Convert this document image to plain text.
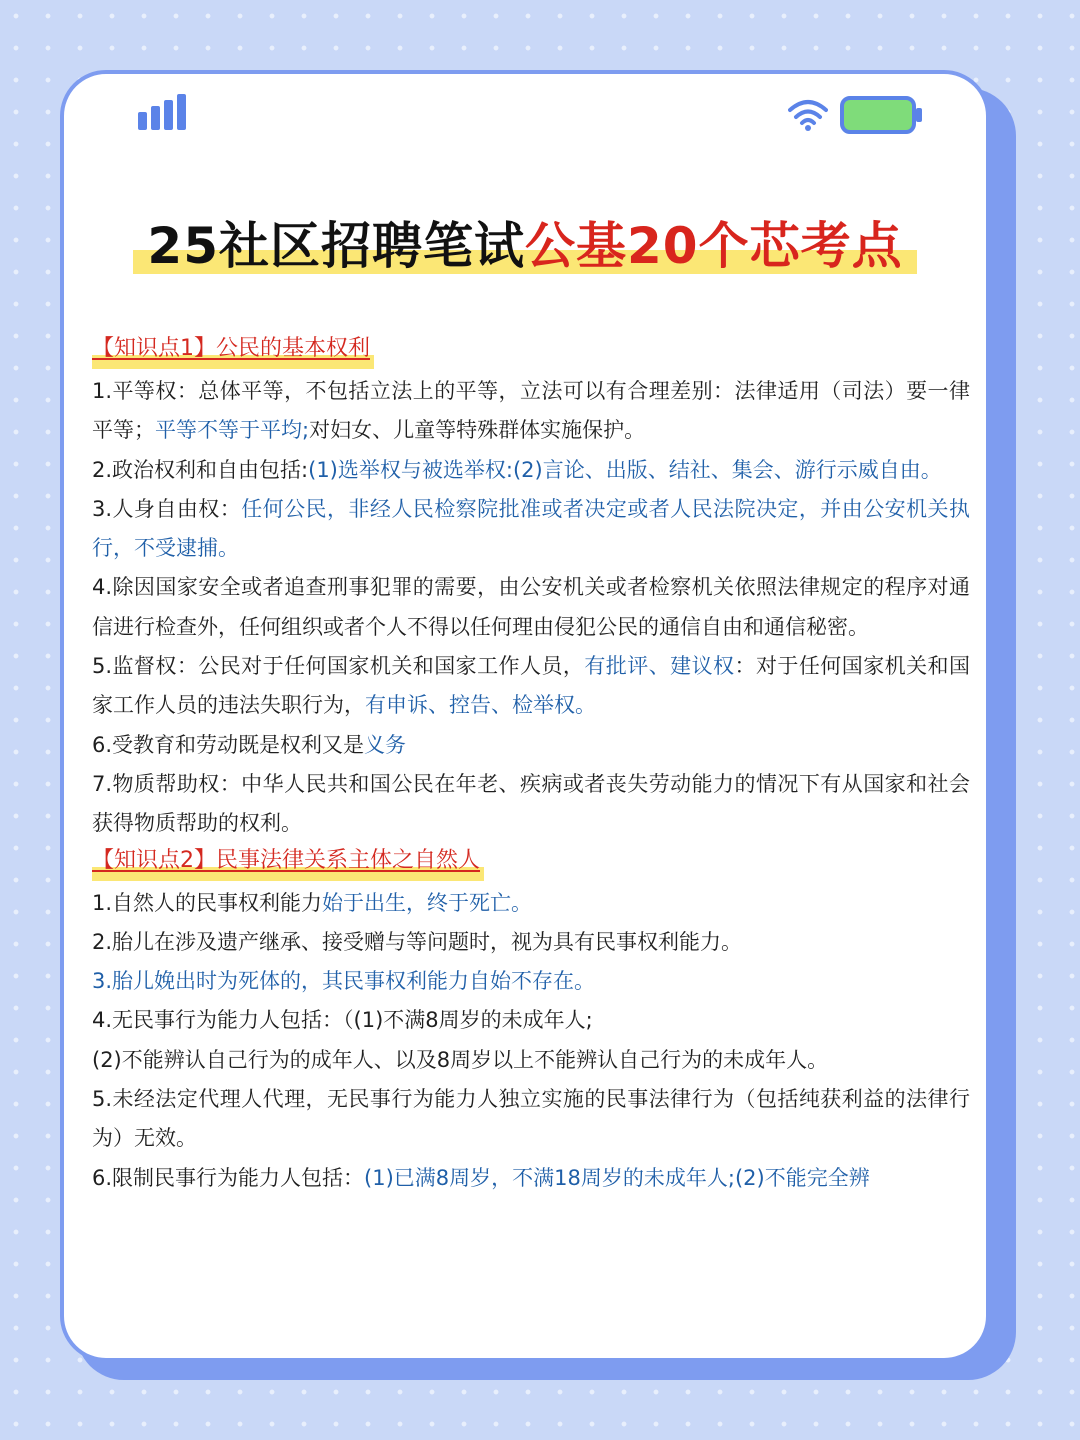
25社区招聘笔试公基20个芯考点
【知识点1】公民的基本权利

1.平等权：总体平等，不包括立法上的平等，立法可以有合理差别：法律适用（司法）要一律平等；平等不等于平均;对妇女、儿童等特殊群体实施保护。

2.政治权利和自由包括:(1)选举权与被选举权:(2)言论、出版、结社、集会、游行示威自由。

3.人身自由权：任何公民，非经人民检察院批准或者决定或者人民法院决定，并由公安机关执行，不受逮捕。

4.除因国家安全或者追查刑事犯罪的需要，由公安机关或者检察机关依照法律规定的程序对通信进行检查外，任何组织或者个人不得以任何理由侵犯公民的通信自由和通信秘密。

5.监督权：公民对于任何国家机关和国家工作人员，有批评、建议权：对于任何国家机关和国家工作人员的违法失职行为，有申诉、控告、检举权。

6.受教育和劳动既是权利又是义务

7.物质帮助权：中华人民共和国公民在年老、疾病或者丧失劳动能力的情况下有从国家和社会获得物质帮助的权利。

【知识点2】民事法律关系主体之自然人

1.自然人的民事权利能力始于出生，终于死亡。

2.胎儿在涉及遗产继承、接受赠与等问题时，视为具有民事权利能力。

3.胎儿娩出时为死体的，其民事权利能力自始不存在。

4.无民事行为能力人包括：（(1)不满8周岁的未成年人;

(2)不能辨认自己行为的成年人、以及8周岁以上不能辨认自己行为的未成年人。

5.未经法定代理人代理，无民事行为能力人独立实施的民事法律行为（包括纯获利益的法律行为）无效。

6.限制民事行为能力人包括：(1)已满8周岁，不满18周岁的未成年人;(2)不能完全辨
